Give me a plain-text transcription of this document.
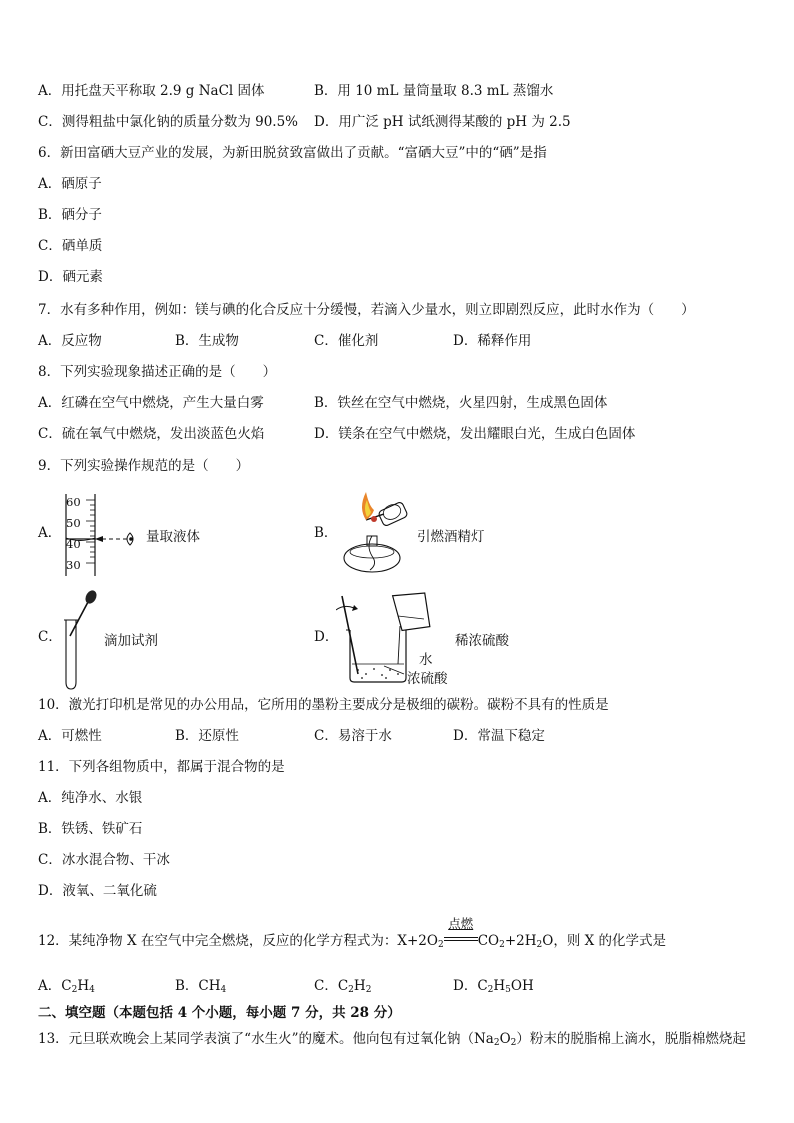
A．用托盘天平称取 2.9 g NaCl 固体	B．用 10 mL 量筒量取 8.3 mL 蒸馏水
C．测得粗盐中氯化钠的质量分数为 90.5% D．用广泛 pH 试纸测得某酸的 pH 为 2.5
6．新田富硒大豆产业的发展，为新田脱贫致富做出了贡献。“富硒大豆”中的“硒”是指
A．硒原子
B．硒分子
C．硒单质
D．硒元素
7．水有多种作用，例如：镁与碘的化合反应十分缓慢，若滴入少量水，则立即剧烈反应，此时水作为（　　）
A．反应物	B．生成物	C．催化剂	D．稀释作用
8．下列实验现象描述正确的是（　　）
A．红磷在空气中燃烧，产生大量白雾	B．铁丝在空气中燃烧，火星四射，生成黑色固体
C．硫在氧气中燃烧，发出淡蓝色火焰	D．镁条在空气中燃烧，发出耀眼白光，生成白色固体
9．下列实验操作规范的是（　　）
A．
60
50
40
30
量取液体	B．	引燃酒精灯
C．	滴加试剂	D．	稀浓硫酸
水
浓硫酸
10．激光打印机是常见的办公用品，它所用的墨粉主要成分是极细的碳粉。碳粉不具有的性质是
A．可燃性	B．还原性	C．易溶于水	D．常温下稳定
11．下列各组物质中，都属于混合物的是
A．纯净水、水银
B．铁锈、铁矿石
C．冰水混合物、干冰
D．液氧、二氧化硫
12．某纯净物 X 在空气中完全燃烧，反应的化学方程式为：$X+2O_2$
点燃
$CO_2+2H_2O$，则 X 的化学式是
A．$C_2H_4$	B．$CH_4$	C．$C_2H_2$	D．$C_2H_5OH$
二、填空题（本题包括 4 个小题，每小题 7 分，共 28 分）
13．元旦联欢晚会上某同学表演了“水生火”的魔术。他向包有过氧化钠$(Na_2O_2)$粉末的脱脂棉上滴水，脱脂棉燃烧起
